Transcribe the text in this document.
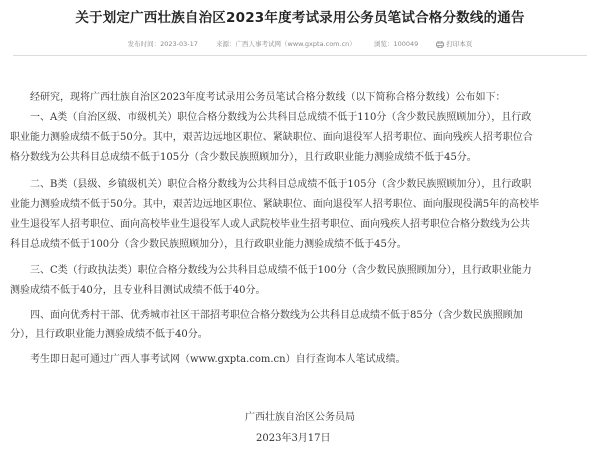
关于划定广西壮族自治区2023年度考试录用公务员笔试合格分数线的通告
发布时间：2023-03-17	来源：广西人事考试网（www.gxpta.com.cn）	浏览：100049	打印本页
经研究，现将广西壮族自治区2023年度考试录用公务员笔试合格分数线（以下简称合格分数线）公布如下：
一、A类（自治区级、市级机关）职位合格分数线为公共科目总成绩不低于110分（含少数民族照顾加分），且行政
职业能力测验成绩不低于50分。其中，艰苦边远地区职位、紧缺职位、面向退役军人招考职位、面向残疾人招考职位合
格分数线为公共科目总成绩不低于105分（含少数民族照顾加分），且行政职业能力测验成绩不低于45分。
二、B类（县级、乡镇级机关）职位合格分数线为公共科目总成绩不低于105分（含少数民族照顾加分），且行政职
业能力测验成绩不低于50分。其中，艰苦边远地区职位、紧缺职位、面向退役军人招考职位、面向服现役满5年的高校毕
业生退役军人招考职位、面向高校毕业生退役军人或人武院校毕业生招考职位、面向残疾人招考职位合格分数线为公共
科目总成绩不低于100分（含少数民族照顾加分），且行政职业能力测验成绩不低于45分。
三、C类（行政执法类）职位合格分数线为公共科目总成绩不低于100分（含少数民族照顾加分），且行政职业能力
测验成绩不低于40分，且专业科目测试成绩不低于40分。
四、面向优秀村干部、优秀城市社区干部招考职位合格分数线为公共科目总成绩不低于85分（含少数民族照顾加
分），且行政职业能力测验成绩不低于40分。
考生即日起可通过广西人事考试网（www.gxpta.com.cn）自行查询本人笔试成绩。
广西壮族自治区公务员局
2023年3月17日
